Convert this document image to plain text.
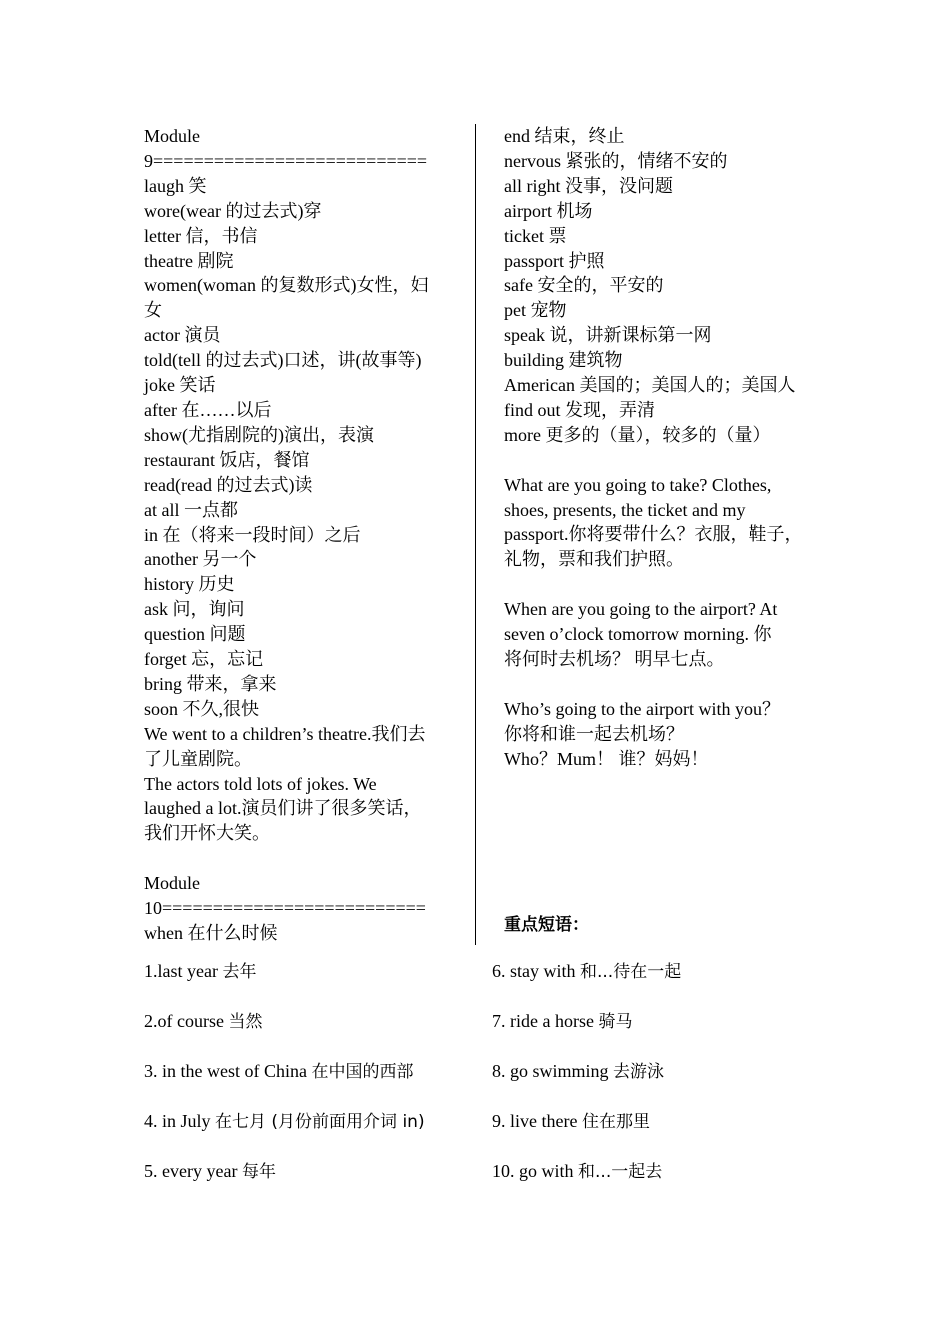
Module
9===========================
laugh 笑
wore(wear 的过去式)穿
letter 信，书信
theatre 剧院
women(woman 的复数形式)女性，妇
女
actor 演员
told(tell 的过去式)口述，讲(故事等)
joke 笑话
after 在……以后
show(尤指剧院的)演出，表演
restaurant 饭店，餐馆
read(read 的过去式)读
at all 一点都
in 在（将来一段时间）之后
another 另一个
history 历史
ask 问，询问
question 问题
forget 忘，忘记
bring 带来，拿来
soon 不久,很快
We went to a children’s theatre.我们去
了儿童剧院。
The actors told lots of jokes. We
laughed a lot.演员们讲了很多笑话，
我们开怀大笑。
Module
10==========================
when 在什么时候
end 结束，终止
nervous 紧张的，情绪不安的
all right 没事，没问题
airport 机场
ticket 票
passport 护照
safe 安全的，平安的
pet 宠物
speak 说，讲新课标第一网
building 建筑物
American 美国的；美国人的；美国人
find out 发现，弄清
more 更多的（量），较多的（量）
What are you going to take? Clothes,
shoes, presents, the ticket and my
passport.你将要带什么？衣服，鞋子，
礼物，票和我们护照。
When are you going to the airport? At
seven o’clock tomorrow morning. 你
将何时去机场？ 明早七点。
Who’s going to the airport with you？
你将和谁一起去机场？
Who？Mum！ 谁？妈妈！
重点短语：
1.last year 去年
2.of course 当然
3. in the west of China 在中国的西部
4. in July 在七月 (月份前面用介词 in)
5. every year 每年
6. stay with 和...待在一起
7. ride a horse 骑马
8. go swimming 去游泳
9. live there 住在那里
10. go with 和...一起去
